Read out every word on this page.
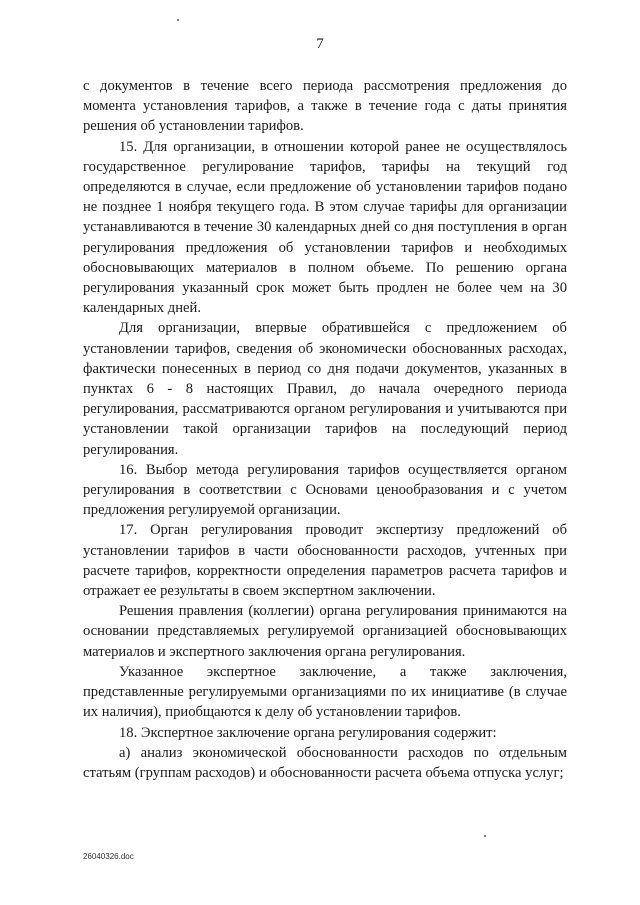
7

с документов в течение всего периода рассмотрения предложения до момента установления тарифов, а также в течение года с даты принятия решения об установлении тарифов.

15. Для организации, в отношении которой ранее не осуществлялось государственное регулирование тарифов, тарифы на текущий год определяются в случае, если предложение об установлении тарифов подано не позднее 1 ноября текущего года. В этом случае тарифы для организации устанавливаются в течение 30 календарных дней со дня поступления в орган регулирования предложения об установлении тарифов и необходимых обосновывающих материалов в полном объеме. По решению органа регулирования указанный срок может быть продлен не более чем на 30 календарных дней.

Для организации, впервые обратившейся с предложением об установлении тарифов, сведения об экономически обоснованных расходах, фактически понесенных в период со дня подачи документов, указанных в пунктах 6 - 8 настоящих Правил, до начала очередного периода регулирования, рассматриваются органом регулирования и учитываются при установлении такой организации тарифов на последующий период регулирования.

16. Выбор метода регулирования тарифов осуществляется органом регулирования в соответствии с Основами ценообразования и с учетом предложения регулируемой организации.

17. Орган регулирования проводит экспертизу предложений об установлении тарифов в части обоснованности расходов, учтенных при расчете тарифов, корректности определения параметров расчета тарифов и отражает ее результаты в своем экспертном заключении.

Решения правления (коллегии) органа регулирования принимаются на основании представляемых регулируемой организацией обосновывающих материалов и экспертного заключения органа регулирования.

Указанное экспертное заключение, а также заключения, представленные регулируемыми организациями по их инициативе (в случае их наличия), приобщаются к делу об установлении тарифов.

18. Экспертное заключение органа регулирования содержит:

а) анализ экономической обоснованности расходов по отдельным статьям (группам расходов) и обоснованности расчета объема отпуска услуг;

26040326.doc
